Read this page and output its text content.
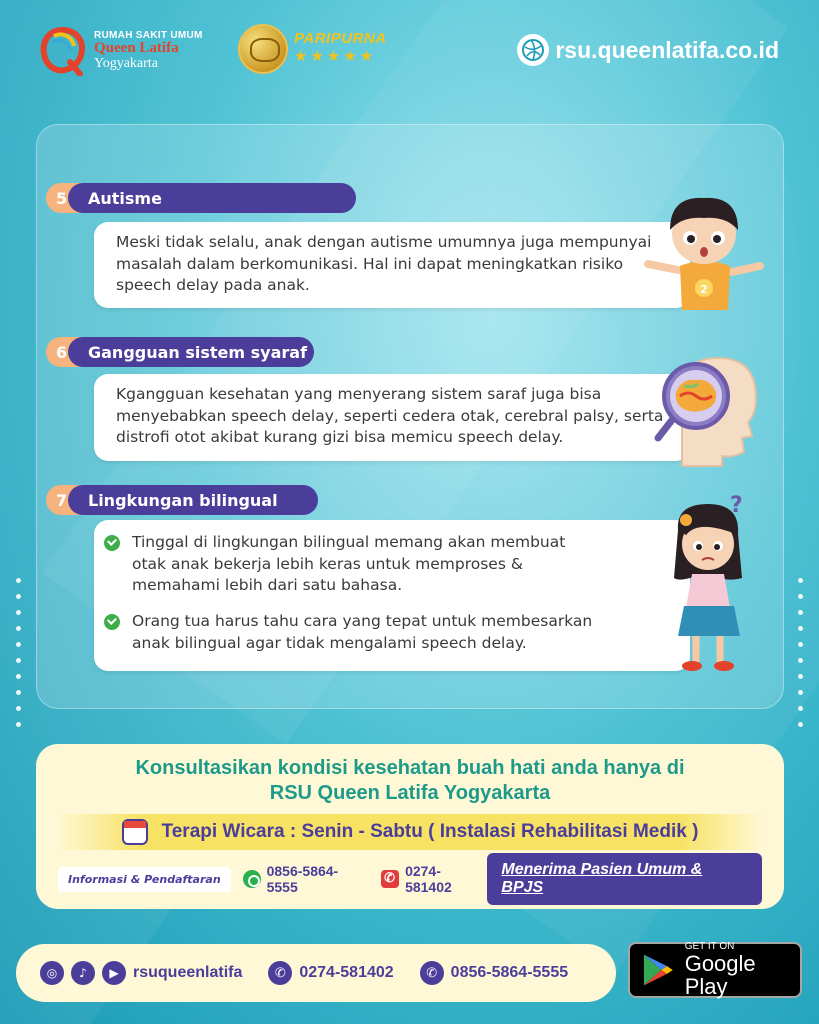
RUMAH SAKIT UMUM
Queen Latifa
Yogyakarta
PARIPURNA
★★★★★	rsu.queenlatifa.co.id
5	Autisme

Meski tidak selalu, anak dengan autisme umumnya juga mempunyai masalah dalam berkomunikasi. Hal ini dapat meningkatkan risiko speech delay pada anak.	2
6	Gangguan sistem syaraf

Kgangguan kesehatan yang menyerang sistem saraf juga bisa menyebabkan speech delay, seperti cedera otak, cerebral palsy, serta distrofi otot akibat kurang gizi bisa memicu speech delay.

7	Lingkungan bilingual

Tinggal di lingkungan bilingual memang akan membuat otak anak bekerja lebih keras untuk memproses & memahami lebih dari satu bahasa.

Orang tua harus tahu cara yang tepat untuk membesarkan anak bilingual agar tidak mengalami speech delay.

?
Konsultasikan kondisi kesehatan buah hati anda hanya di
RSU Queen Latifa Yogyakarta
Terapi Wicara : Senin - Sabtu ( Instalasi Rehabilitasi Medik )
Informasi & Pendaftaran	0856-5864-5555
✆
0274-581402
Menerima Pasien Umum & BPJS
◎	♪	▶ rsuqueenlatifa	✆ 0274-581402	✆ 0856-5864-5555
GET IT ON
Google Play
